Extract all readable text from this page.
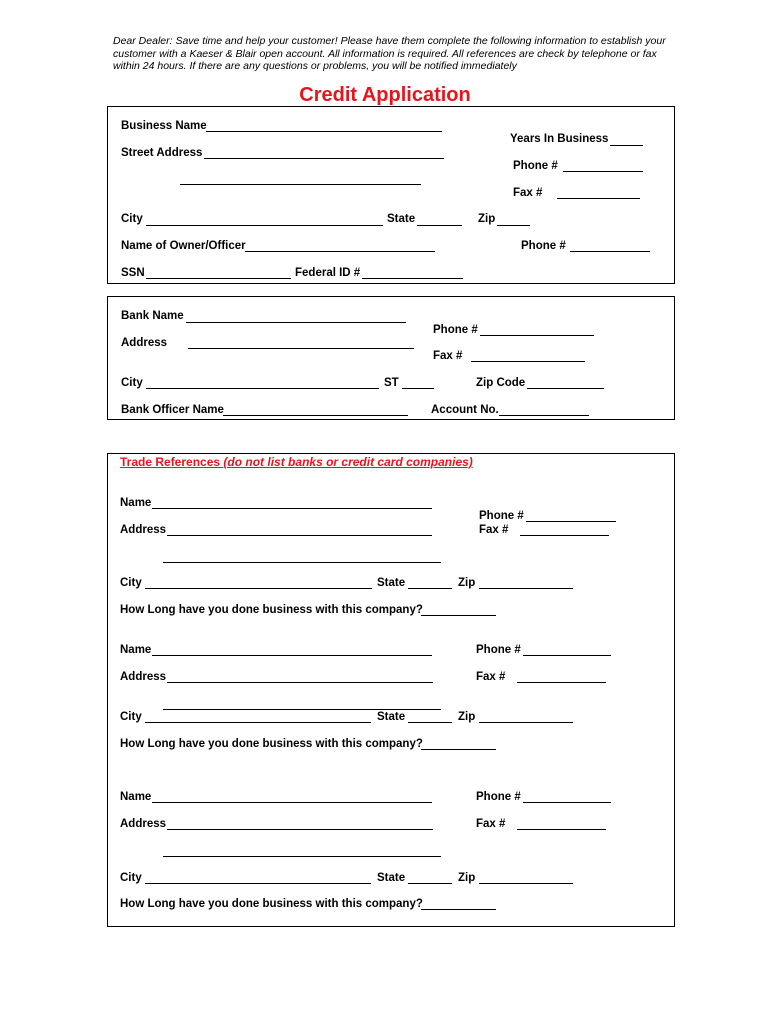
Dear Dealer: Save time and help your customer! Please have them complete the following information to establish your customer with a Kaeser & Blair open account. All information is required. All references are check by telephone or fax within 24 hours. If there are any questions or problems, you will be notified immediately
Credit Application
Business Name
Years In Business
Street Address
Phone #
Fax #
City	State	Zip
Name of Owner/Officer	Phone #
SSN	Federal ID #
Bank Name
Phone #
Address
Fax #
City	ST	Zip Code
Bank Officer Name	Account No.
Trade References (do not list banks or credit card companies)
Name
Phone #
Address	Fax #
City	State	Zip
How Long have you done business with this company?
Name	Phone #
Address	Fax #
City	State	Zip
How Long have you done business with this company?
Name	Phone #
Address	Fax #
City	State	Zip
How Long have you done business with this company?
